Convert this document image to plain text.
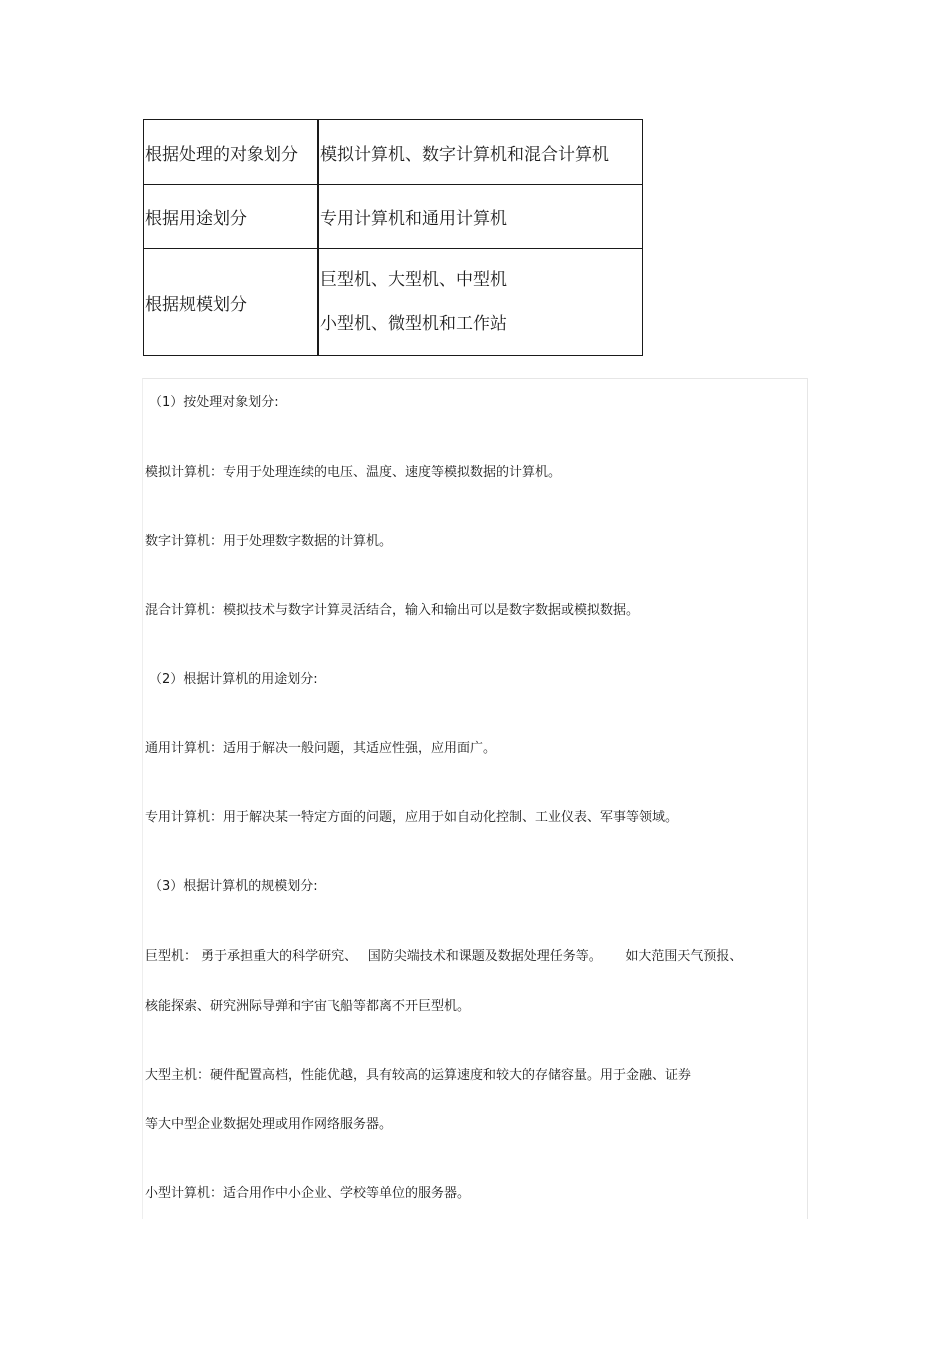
根据处理的对象划分	模拟计算机、数字计算机和混合计算机
根据用途划分	专用计算机和通用计算机
根据规模划分	巨型机、大型机、中型机
小型机、微型机和工作站
（1）按处理对象划分:
模拟计算机：专用于处理连续的电压、温度、速度等模拟数据的计算机。
数字计算机：用于处理数字数据的计算机。
混合计算机：模拟技术与数字计算灵活结合，输入和输出可以是数字数据或模拟数据。
（2）根据计算机的用途划分:
通用计算机：适用于解决一般问题，其适应性强，应用面广。
专用计算机：用于解决某一特定方面的问题，应用于如自动化控制、工业仪表、军事等领域。
（3）根据计算机的规模划分:
巨型机： 勇于承担重大的科学研究、　 国防尖端技术和课题及数据处理任务等。　　 如大范围天气预报、
核能探索、研究洲际导弹和宇宙飞船等都离不开巨型机。
大型主机：硬件配置高档，性能优越，具有较高的运算速度和较大的存储容量。用于金融、证券
等大中型企业数据处理或用作网络服务器。
小型计算机：适合用作中小企业、学校等单位的服务器。
